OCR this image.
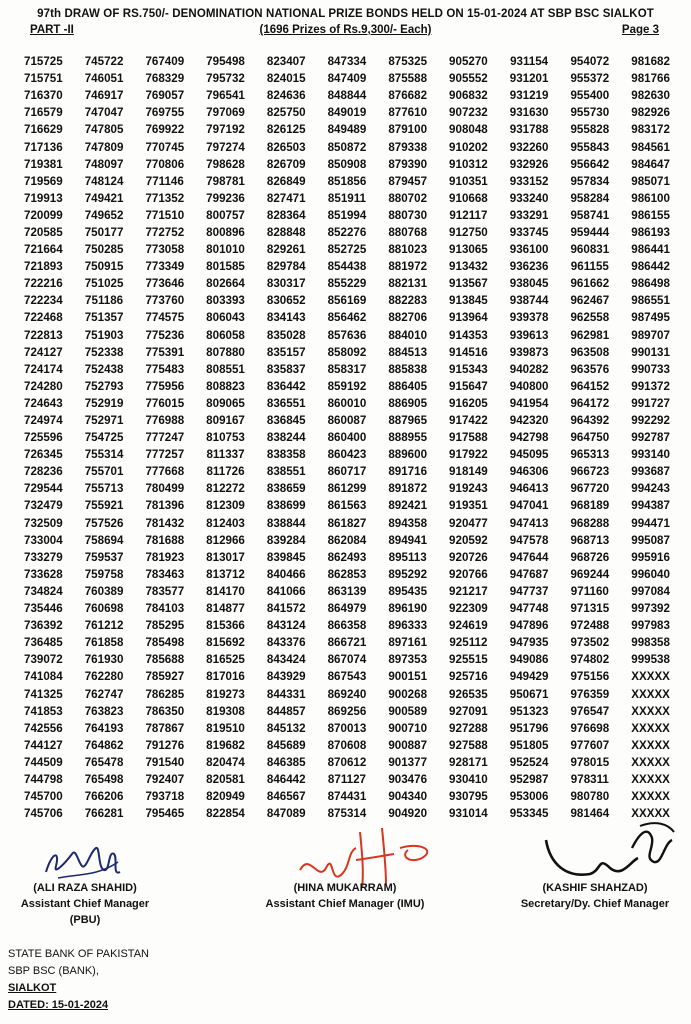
97th DRAW OF RS.750/- DENOMINATION NATIONAL PRIZE BONDS HELD ON 15-01-2024 AT SBP BSC SIALKOT
PART -II	(1696 Prizes of Rs.9,300/- Each)	Page 3
715725	745722	767409	795498	823407	847334	875325	905270	931154	954072	981682
715751	746051	768329	795732	824015	847409	875588	905552	931201	955372	981766
716370	746917	769057	796541	824636	848844	876682	906832	931219	955400	982630
716579	747047	769755	797069	825750	849019	877610	907232	931630	955730	982926
716629	747805	769922	797192	826125	849489	879100	908048	931788	955828	983172
717136	747809	770745	797274	826503	850872	879338	910202	932260	955843	984561
719381	748097	770806	798628	826709	850908	879390	910312	932926	956642	984647
719569	748124	771146	798781	826849	851856	879457	910351	933152	957834	985071
719913	749421	771352	799236	827471	851911	880702	910668	933240	958284	986100
720099	749652	771510	800757	828364	851994	880730	912117	933291	958741	986155
720585	750177	772752	800896	828848	852276	880768	912750	933745	959444	986193
721664	750285	773058	801010	829261	852725	881023	913065	936100	960831	986441
721893	750915	773349	801585	829784	854438	881972	913432	936236	961155	986442
722216	751025	773646	802664	830317	855229	882131	913567	938045	961662	986498
722234	751186	773760	803393	830652	856169	882283	913845	938744	962467	986551
722468	751357	774575	806043	834143	856462	882706	913964	939378	962558	987495
722813	751903	775236	806058	835028	857636	884010	914353	939613	962981	989707
724127	752338	775391	807880	835157	858092	884513	914516	939873	963508	990131
724174	752438	775483	808551	835837	858317	885838	915343	940282	963576	990733
724280	752793	775956	808823	836442	859192	886405	915647	940800	964152	991372
724643	752919	776015	809065	836551	860010	886905	916205	941954	964172	991727
724974	752971	776988	809167	836845	860087	887965	917422	942320	964392	992292
725596	754725	777247	810753	838244	860400	888955	917588	942798	964750	992787
726345	755314	777257	811337	838358	860423	889600	917922	945095	965313	993140
728236	755701	777668	811726	838551	860717	891716	918149	946306	966723	993687
729544	755713	780499	812272	838659	861299	891872	919243	946413	967720	994243
732479	755921	781396	812309	838699	861563	892421	919351	947041	968189	994387
732509	757526	781432	812403	838844	861827	894358	920477	947413	968288	994471
733004	758694	781688	812966	839284	862084	894941	920592	947578	968713	995087
733279	759537	781923	813017	839845	862493	895113	920726	947644	968726	995916
733628	759758	783463	813712	840466	862853	895292	920766	947687	969244	996040
734824	760389	783577	814170	841066	863139	895435	921217	947737	971160	997084
735446	760698	784103	814877	841572	864979	896190	922309	947748	971315	997392
736392	761212	785295	815366	843124	866358	896333	924619	947896	972488	997983
736485	761858	785498	815692	843376	866721	897161	925112	947935	973502	998358
739072	761930	785688	816525	843424	867074	897353	925515	949086	974802	999538
741084	762280	785927	817016	843929	867543	900151	925716	949429	975156	XXXXX
741325	762747	786285	819273	844331	869240	900268	926535	950671	976359	XXXXX
741853	763823	786350	819308	844857	869256	900589	927091	951323	976547	XXXXX
742556	764193	787867	819510	845132	870013	900710	927288	951796	976698	XXXXX
744127	764862	791276	819682	845689	870608	900887	927588	951805	977607	XXXXX
744509	765478	791540	820474	846385	870612	901377	928171	952524	978015	XXXXX
744798	765498	792407	820581	846442	871127	903476	930410	952987	978311	XXXXX
745700	766206	793718	820949	846567	874431	904340	930795	953006	980780	XXXXX
745706	766281	795465	822854	847089	875314	904920	931014	953345	981464	XXXXX
(ALI RAZA SHAHID)
Assistant Chief Manager (PBU)
(HINA MUKARRAM)
Assistant Chief Manager (IMU)
(KASHIF SHAHZAD)
Secretary/Dy. Chief Manager
STATE BANK OF PAKISTAN
SBP BSC (BANK),
SIALKOT
DATED: 15-01-2024
